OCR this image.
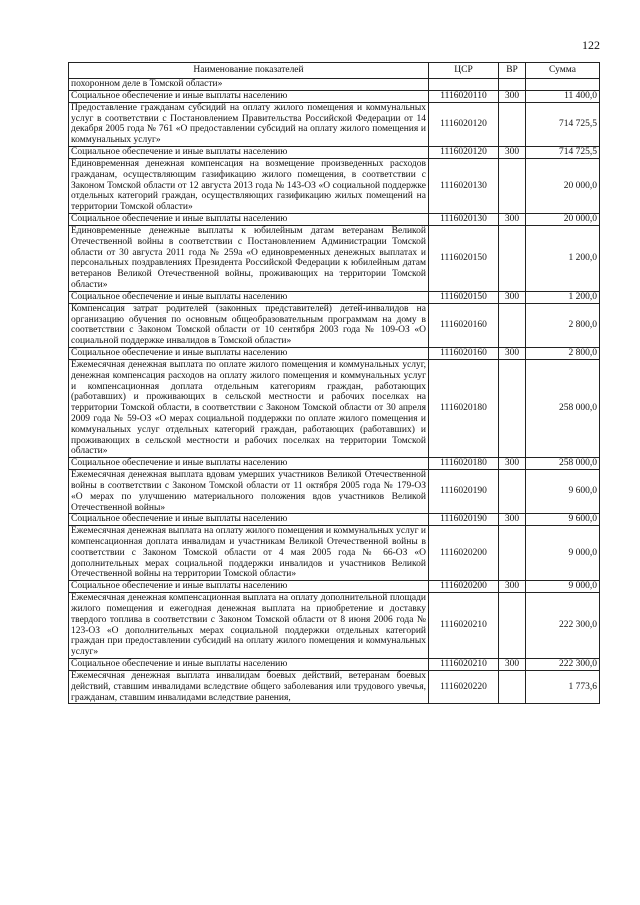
122
Наименование показателей	ЦСР	ВР	Сумма
похоронном деле в Томской области»			
Социальное обеспечение и иные выплаты населению	1116020110	300	11 400,0
Предоставление гражданам субсидий на оплату жилого помещения и коммунальных услуг в соответствии с Постановлением Правительства Российской Федерации от 14 декабря 2005 года № 761 «О предоставлении субсидий на оплату жилого помещения и коммунальных услуг»	1116020120		714 725,5
Социальное обеспечение и иные выплаты населению	1116020120	300	714 725,5
Единовременная денежная компенсация на возмещение произведенных расходов гражданам, осуществляющим газификацию жилого помещения, в соответствии с Законом Томской области от 12 августа 2013 года № 143-ОЗ «О социальной поддержке отдельных категорий граждан, осуществляющих газификацию жилых помещений на территории Томской области»	1116020130		20 000,0
Социальное обеспечение и иные выплаты населению	1116020130	300	20 000,0
Единовременные денежные выплаты к юбилейным датам ветеранам Великой Отечественной войны в соответствии с Постановлением Администрации Томской области от 30 августа 2011 года № 259а «О единовременных денежных выплатах и персональных поздравлениях Президента Российской Федерации к юбилейным датам ветеранов Великой Отечественной войны, проживающих на территории Томской области»	1116020150		1 200,0
Социальное обеспечение и иные выплаты населению	1116020150	300	1 200,0
Компенсация затрат родителей (законных представителей) детей-инвалидов на организацию обучения по основным общеобразовательным программам на дому в соответствии с Законом Томской области от 10 сентября 2003 года № 109-ОЗ «О социальной поддержке инвалидов в Томской области»	1116020160		2 800,0
Социальное обеспечение и иные выплаты населению	1116020160	300	2 800,0
Ежемесячная денежная выплата по оплате жилого помещения и коммунальных услуг, денежная компенсация расходов на оплату жилого помещения и коммунальных услуг и компенсационная доплата отдельным категориям граждан, работающих (работавших) и проживающих в сельской местности и рабочих поселках на территории Томской области, в соответствии с Законом Томской области от 30 апреля 2009 года № 59-ОЗ «О мерах социальной поддержки по оплате жилого помещения и коммунальных услуг отдельных категорий граждан, работающих (работавших) и проживающих в сельской местности и рабочих поселках на территории Томской области»	1116020180		258 000,0
Социальное обеспечение и иные выплаты населению	1116020180	300	258 000,0
Ежемесячная денежная выплата вдовам умерших участников Великой Отечественной войны в соответствии с Законом Томской области от 11 октября 2005 года № 179-ОЗ «О мерах по улучшению материального положения вдов участников Великой Отечественной войны»	1116020190		9 600,0
Социальное обеспечение и иные выплаты населению	1116020190	300	9 600,0
Ежемесячная денежная выплата на оплату жилого помещения и коммунальных услуг и компенсационная доплата инвалидам и участникам Великой Отечественной войны в соответствии с Законом Томской области от 4 мая 2005 года № 66-ОЗ «О дополнительных мерах социальной поддержки инвалидов и участников Великой Отечественной войны на территории Томской области»	1116020200		9 000,0
Социальное обеспечение и иные выплаты населению	1116020200	300	9 000,0
Ежемесячная денежная компенсационная выплата на оплату дополнительной площади жилого помещения и ежегодная денежная выплата на приобретение и доставку твердого топлива в соответствии с Законом Томской области от 8 июня 2006 года № 123-ОЗ «О дополнительных мерах социальной поддержки отдельных категорий граждан при предоставлении субсидий на оплату жилого помещения и коммунальных услуг»	1116020210		222 300,0
Социальное обеспечение и иные выплаты населению	1116020210	300	222 300,0
Ежемесячная денежная выплата инвалидам боевых действий, ветеранам боевых действий, ставшим инвалидами вследствие общего заболевания или трудового увечья, гражданам, ставшим инвалидами вследствие ранения,	1116020220		1 773,6
